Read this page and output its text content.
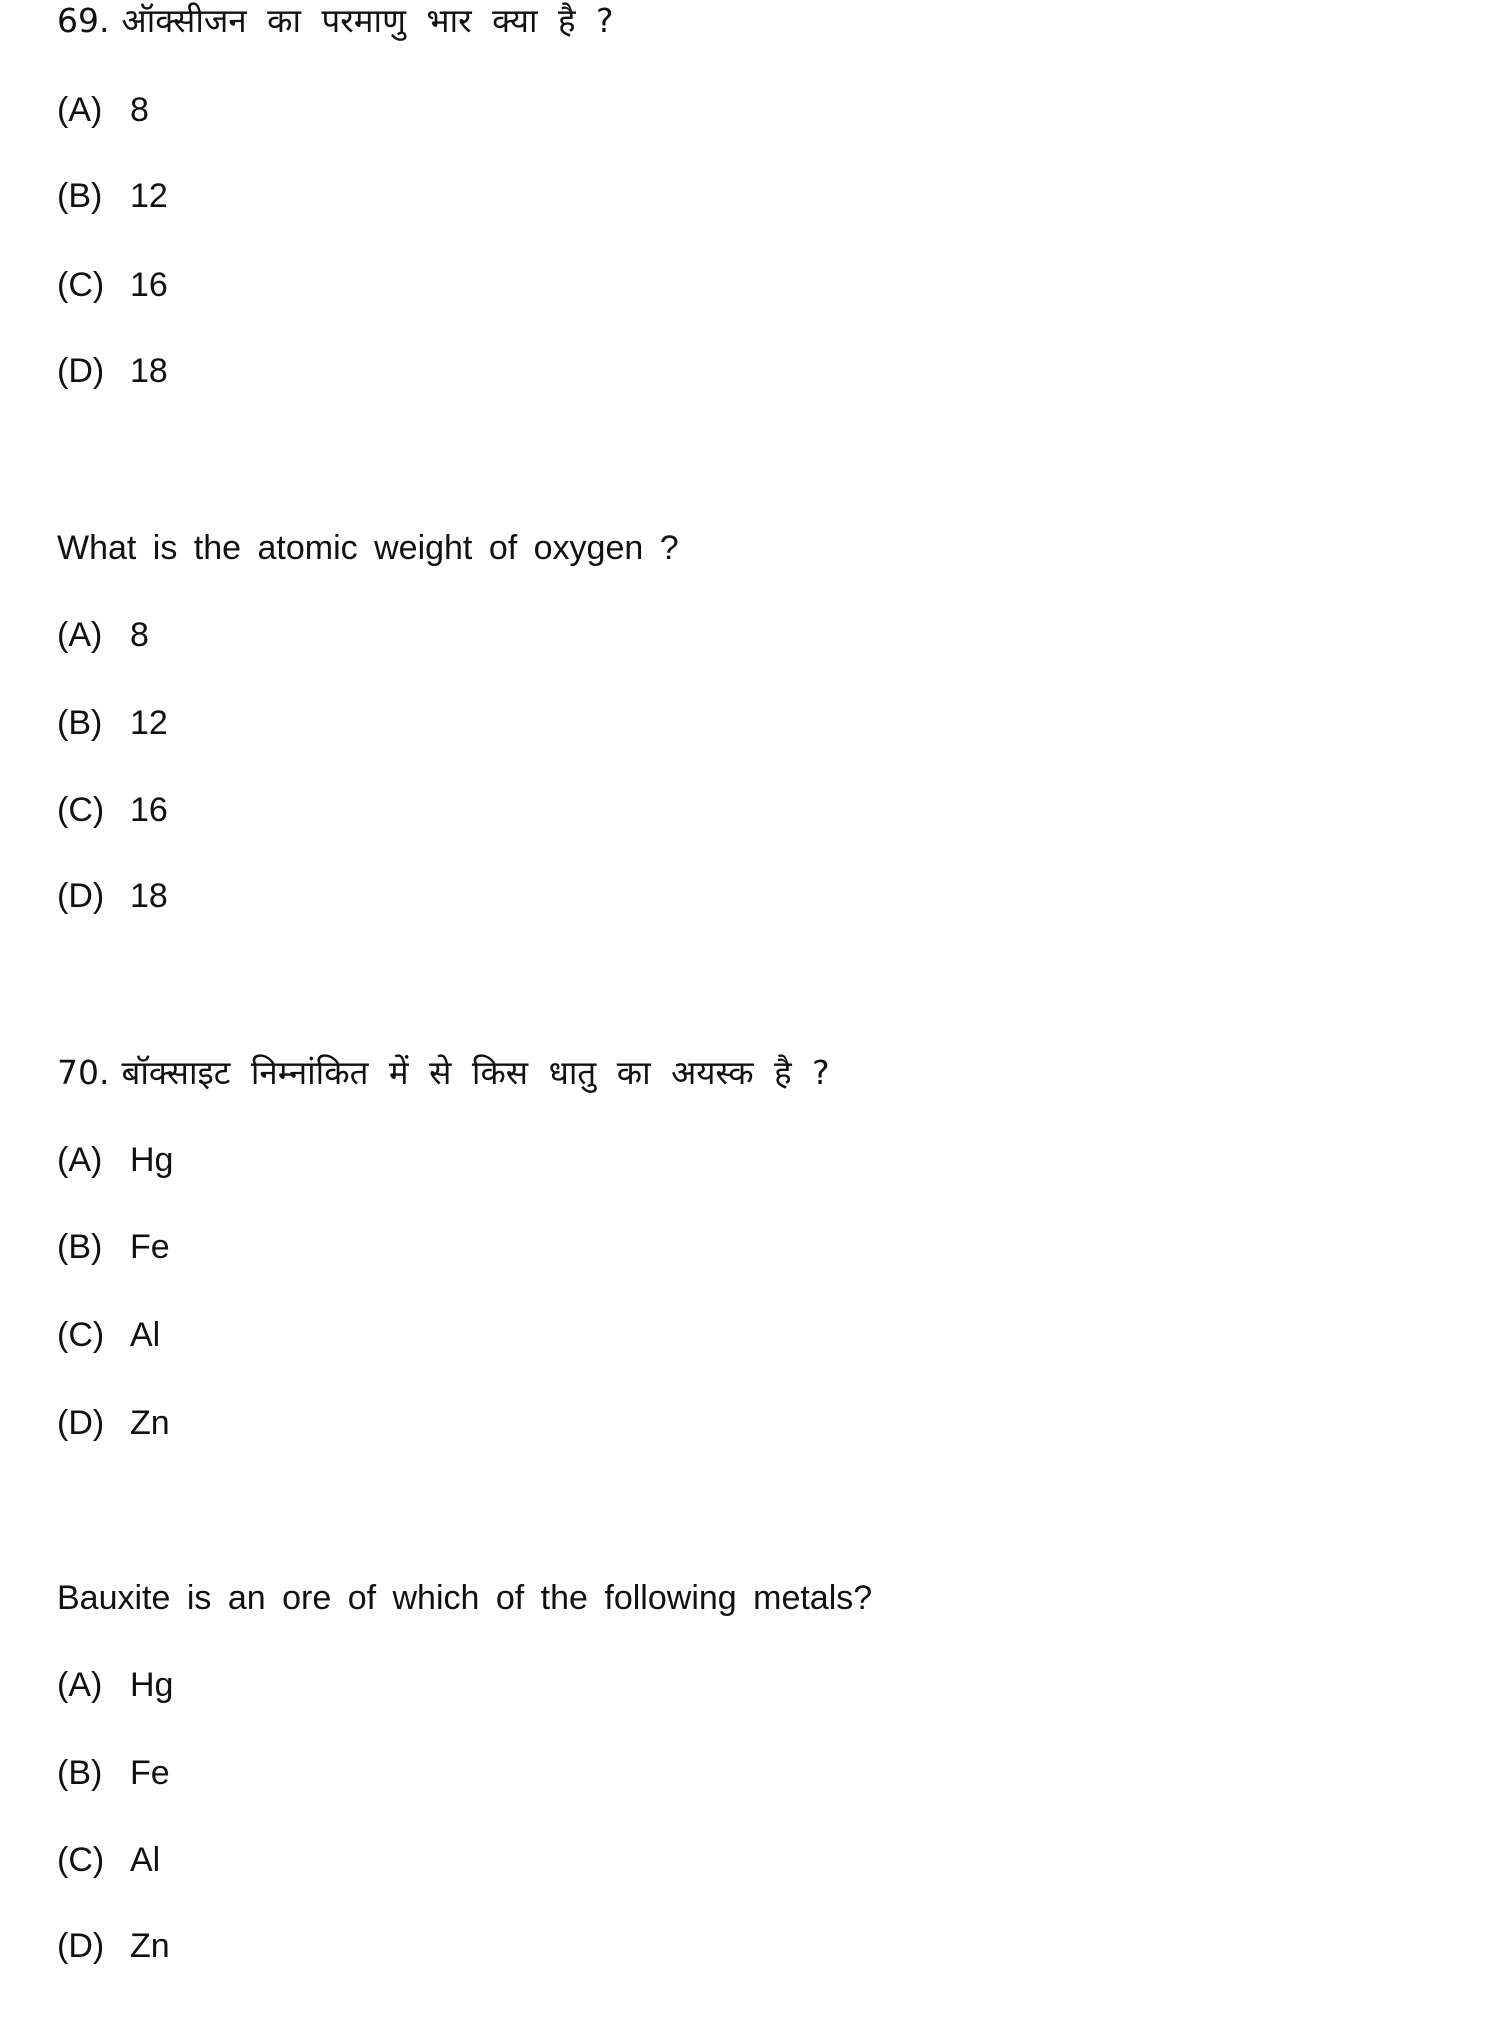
69. ऑक्सीजन का परमाणु भार क्या है ?
(A) 8
(B) 12
(C) 16
(D) 18
What is the atomic weight of oxygen ?
(A) 8
(B) 12
(C) 16
(D) 18
70. बॉक्साइट निम्नांकित में से किस धातु का अयस्क है ?
(A) Hg
(B) Fe
(C) Al
(D) Zn
Bauxite is an ore of which of the following metals?
(A) Hg
(B) Fe
(C) Al
(D) Zn
